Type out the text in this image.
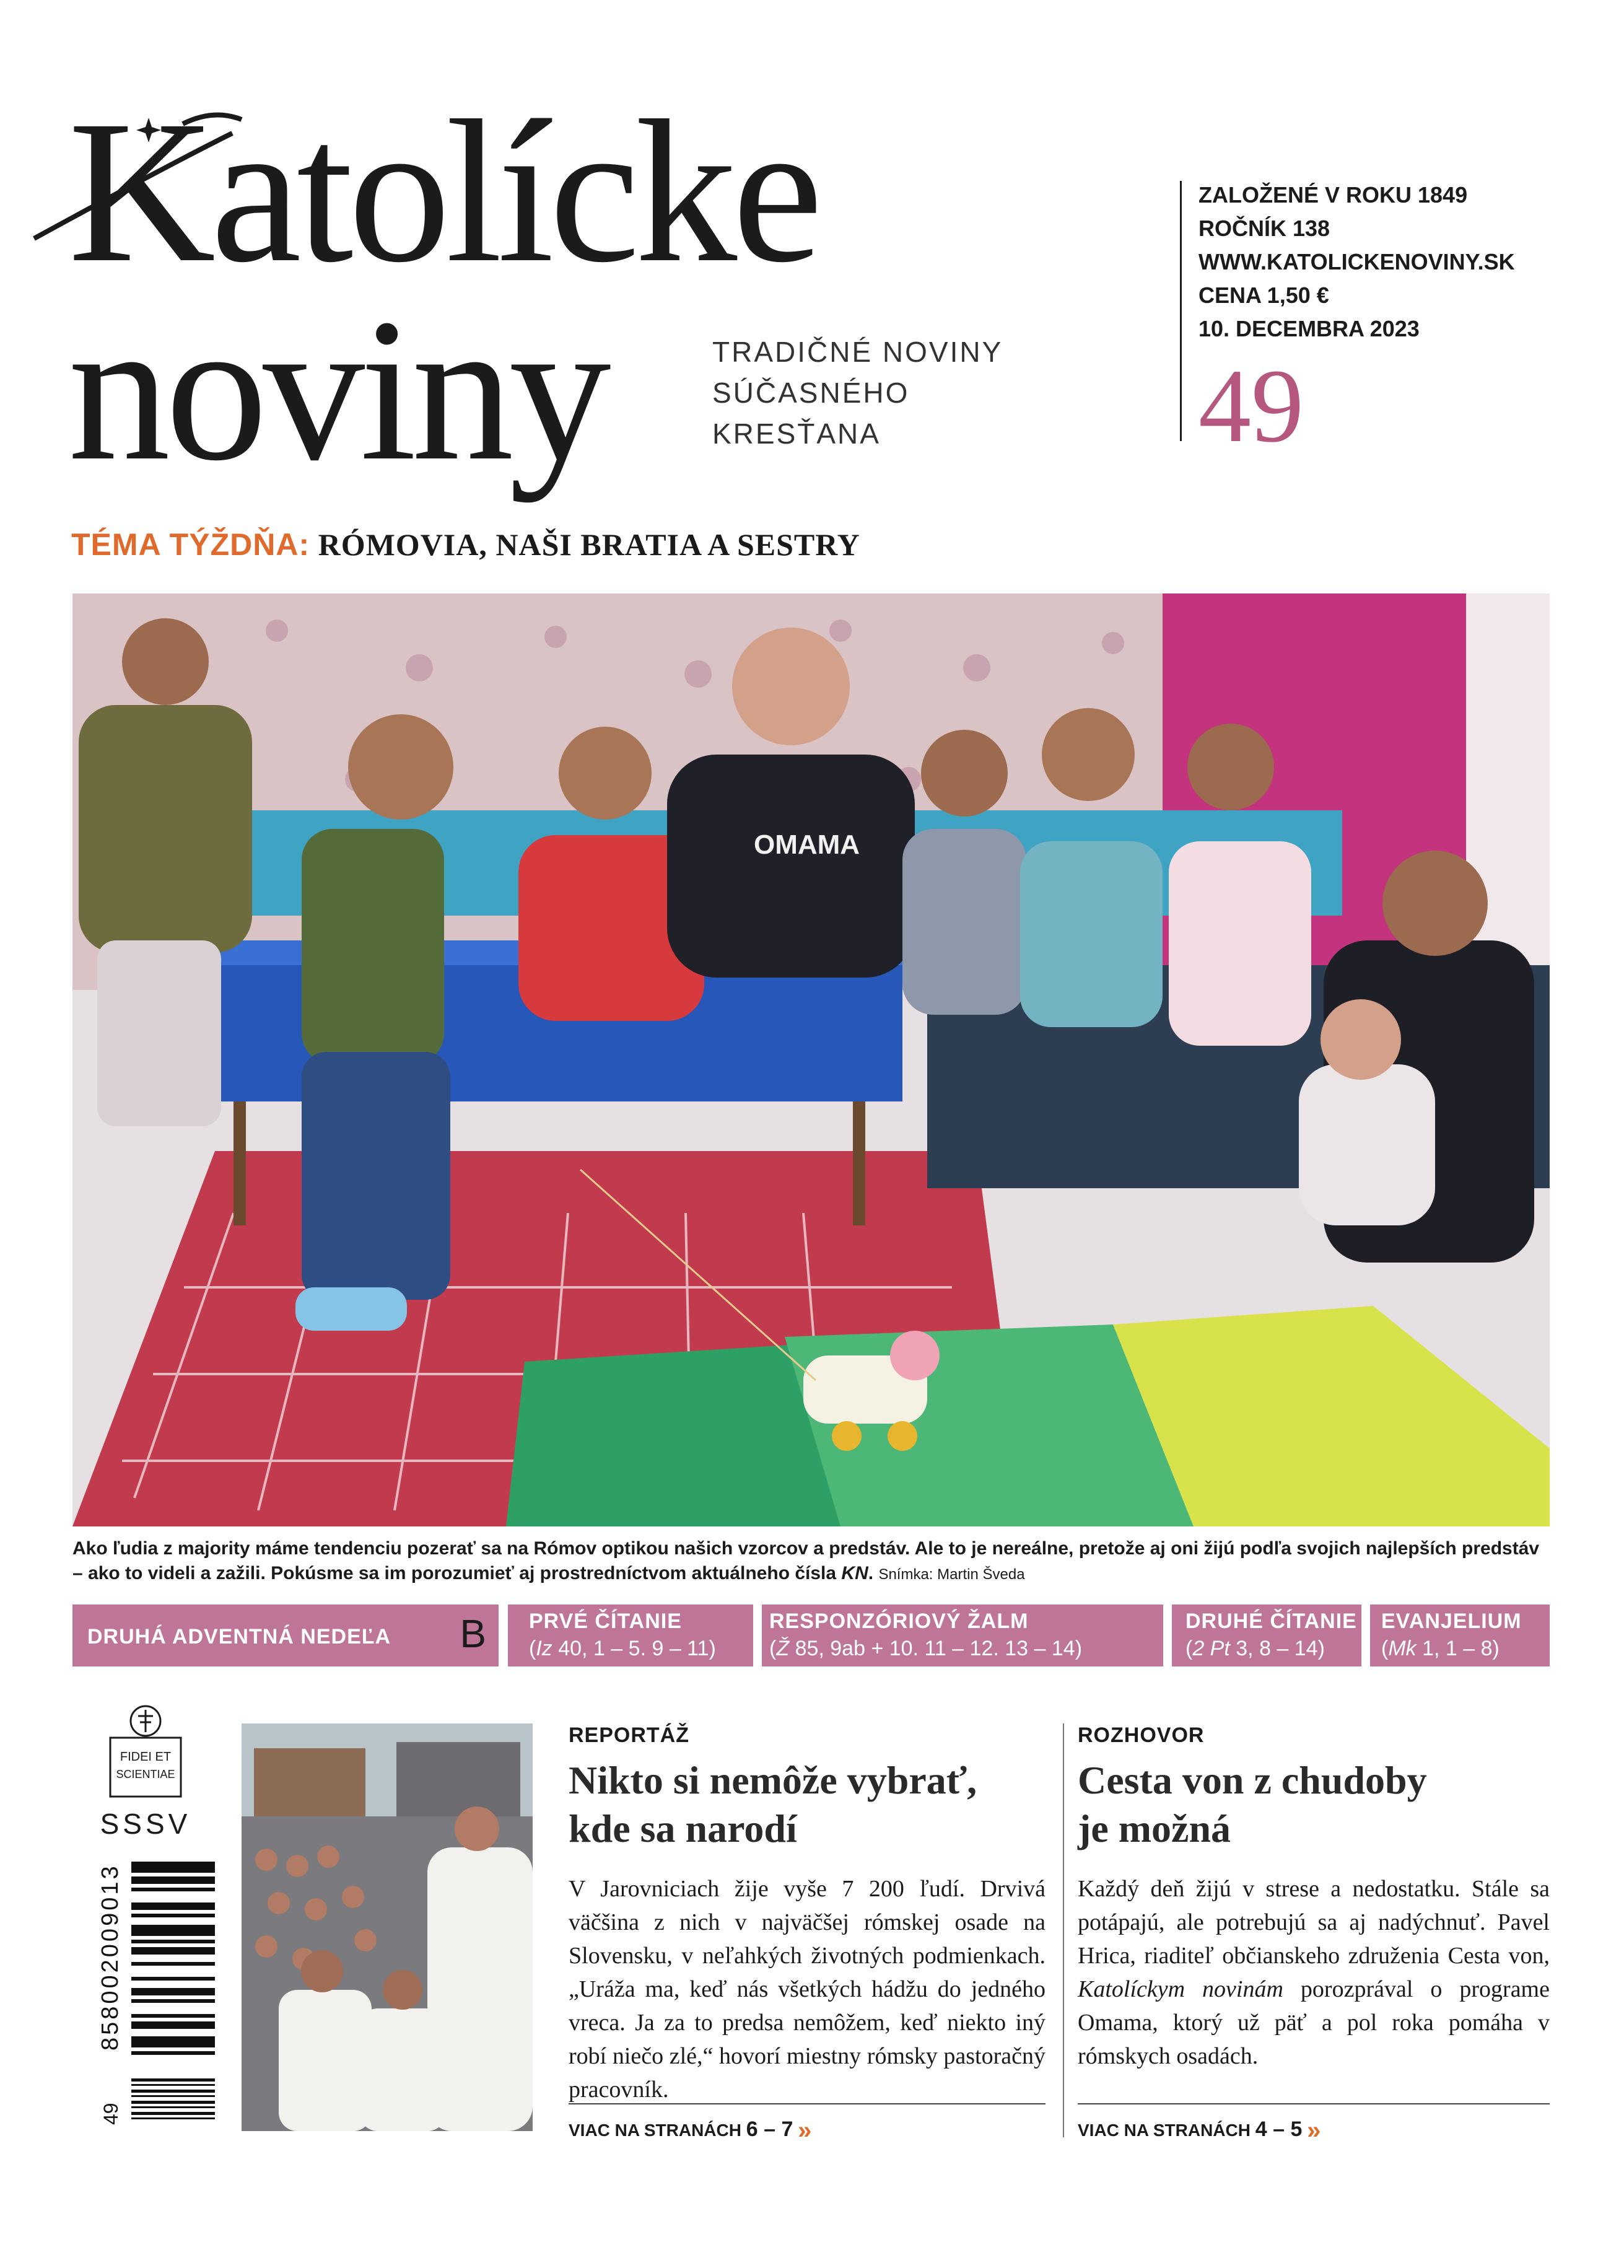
Katolícke
noviny	TRADIČNÉ NOVINY
SÚČASNÉHO
KRESŤANA
ZALOŽENÉ V ROKU 1849
ROČNÍK 138
WWW.KATOLICKENOVINY.SK
CENA 1,50 €
10. DECEMBRA 2023
49
TÉMA TÝŽDŇA: RÓMOVIA, NAŠI BRATIA A SESTRY
OMAMA
Ako ľudia z majority máme tendenciu pozerať sa na Rómov optikou našich vzorcov a predstáv. Ale to je nereálne, pretože aj oni žijú podľa svojich najlepších predstáv – ako to videli a zažili. Pokúsme sa im porozumieť aj prostredníctvom aktuálneho čísla KN. Snímka: Martin Šveda
DRUHÁ ADVENTNÁ NEDEĽA B PRVÉ ČÍTANIE
(Iz 40, 1 – 5. 9 – 11)
RESPONZÓRIOVÝ ŽALM
(Ž 85, 9ab + 10. 11 – 12. 13 – 14)
DRUHÉ ČÍTANIE
(2 Pt 3, 8 – 14)
EVANJELIUM
(Mk 1, 1 – 8)
FIDEI ET
SCIENTIAE
SSSV
858002009013
49
REPORTÁŽ
Nikto si nemôže vybrať,
kde sa narodí
V Jarovniciach žije vyše 7 200 ľudí. Drvivá väčšina z nich v najväčšej rómskej osade na Slovensku, v neľahkých životných podmienkach. „Uráža ma, keď nás všetkých hádžu do jedného vreca. Ja za to predsa nemôžem, keď niekto iný robí niečo zlé,“ hovorí miestny rómsky pastoračný pracovník.
VIAC NA STRANÁCH 6 – 7 »
ROZHOVOR
Cesta von z chudoby
je možná
Každý deň žijú v strese a nedostatku. Stále sa potápajú, ale potrebujú sa aj nadýchnuť. Pavel Hrica, riaditeľ občianskeho združenia Cesta von, Katolíckym novinám porozprával o programe Omama, ktorý už päť a pol roka pomáha v rómskych osadách.
VIAC NA STRANÁCH 4 – 5 »
